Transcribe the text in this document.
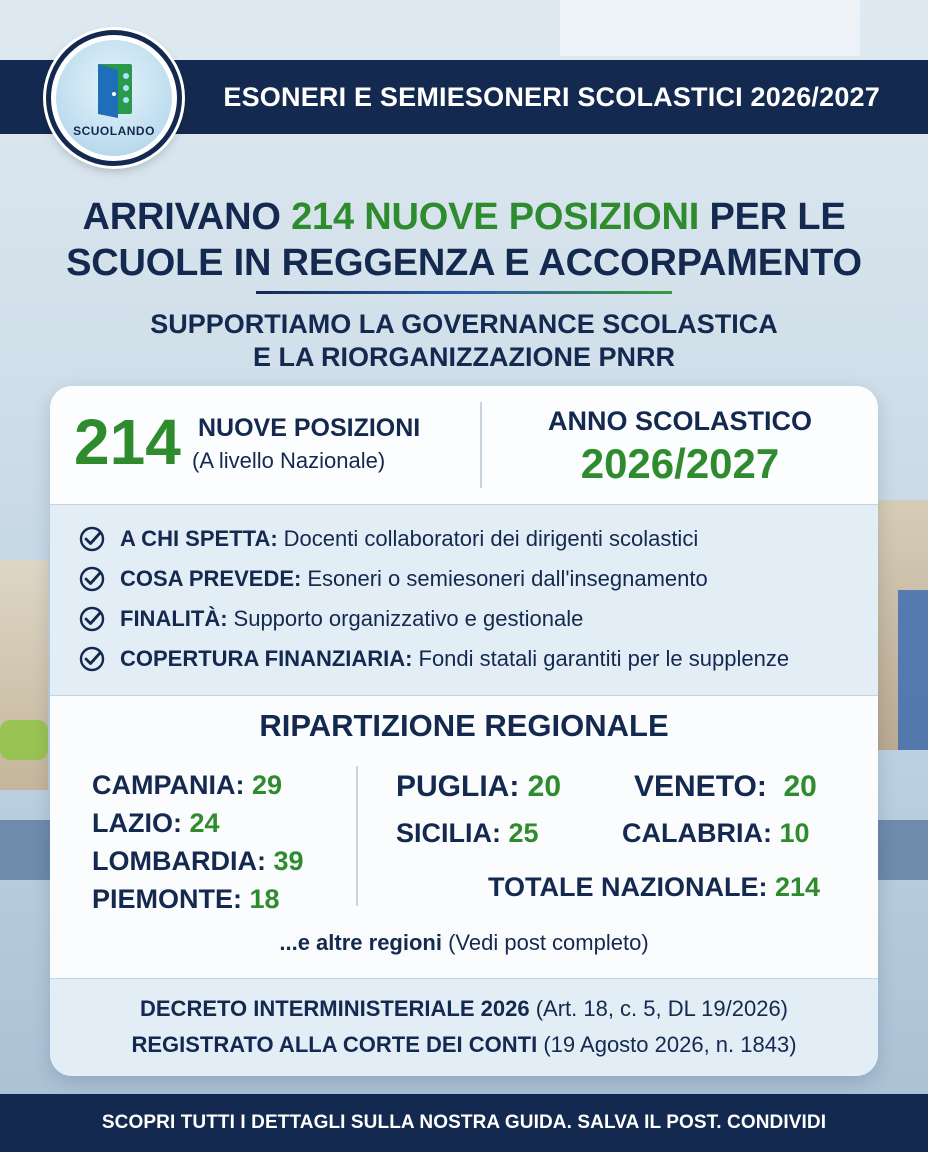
ESONERI E SEMIESONERI SCOLASTICI 2026/2027
SCUOLANDO
ARRIVANO 214 NUOVE POSIZIONI PER LE
SCUOLE IN REGGENZA E ACCORPAMENTO
SUPPORTIAMO LA GOVERNANCE SCOLASTICA
E LA RIORGANIZZAZIONE PNRR
214 NUOVE POSIZIONI
(A livello Nazionale)
ANNO SCOLASTICO
2026/2027
A CHI SPETTA: Docenti collaboratori dei dirigenti scolastici
COSA PREVEDE: Esoneri o semiesoneri dall'insegnamento
FINALITÀ: Supporto organizzativo e gestionale
COPERTURA FINANZIARIA: Fondi statali garantiti per le supplenze
RIPARTIZIONE REGIONALE
CAMPANIA: 29
LAZIO: 24
LOMBARDIA: 39
PIEMONTE: 18
PUGLIA: 20
SICILIA: 25
VENETO: 20
CALABRIA: 10
TOTALE NAZIONALE: 214
...e altre regioni (Vedi post completo)
DECRETO INTERMINISTERIALE 2026 (Art. 18, c. 5, DL 19/2026)
REGISTRATO ALLA CORTE DEI CONTI (19 Agosto 2026, n. 1843)
SCOPRI TUTTI I DETTAGLI SULLA NOSTRA GUIDA. SALVA IL POST. CONDIVIDI
